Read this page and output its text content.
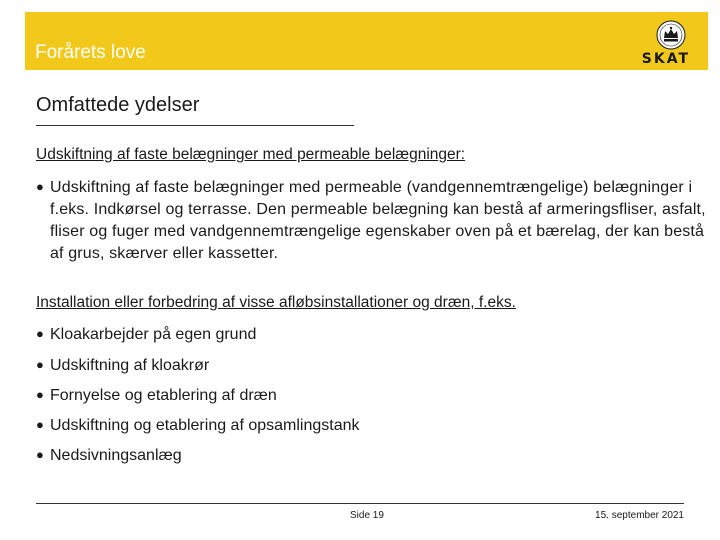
Forårets love	SKAT
Omfattede ydelser
Udskiftning af faste belægninger med permeable belægninger:
● Udskiftning af faste belægninger med permeable (vandgennemtrængelige) belægninger i f.eks. Indkørsel og terrasse. Den permeable belægning kan bestå af armeringsfliser, asfalt, fliser og fuger med vandgennemtrængelige egenskaber oven på et bærelag, der kan bestå af grus, skærver eller kassetter.
Installation eller forbedring af visse afløbsinstallationer og dræn, f.eks.
● Kloakarbejder på egen grund
● Udskiftning af kloakrør
● Fornyelse og etablering af dræn
● Udskiftning og etablering af opsamlingstank
● Nedsivningsanlæg
Side 19	15. september 2021
